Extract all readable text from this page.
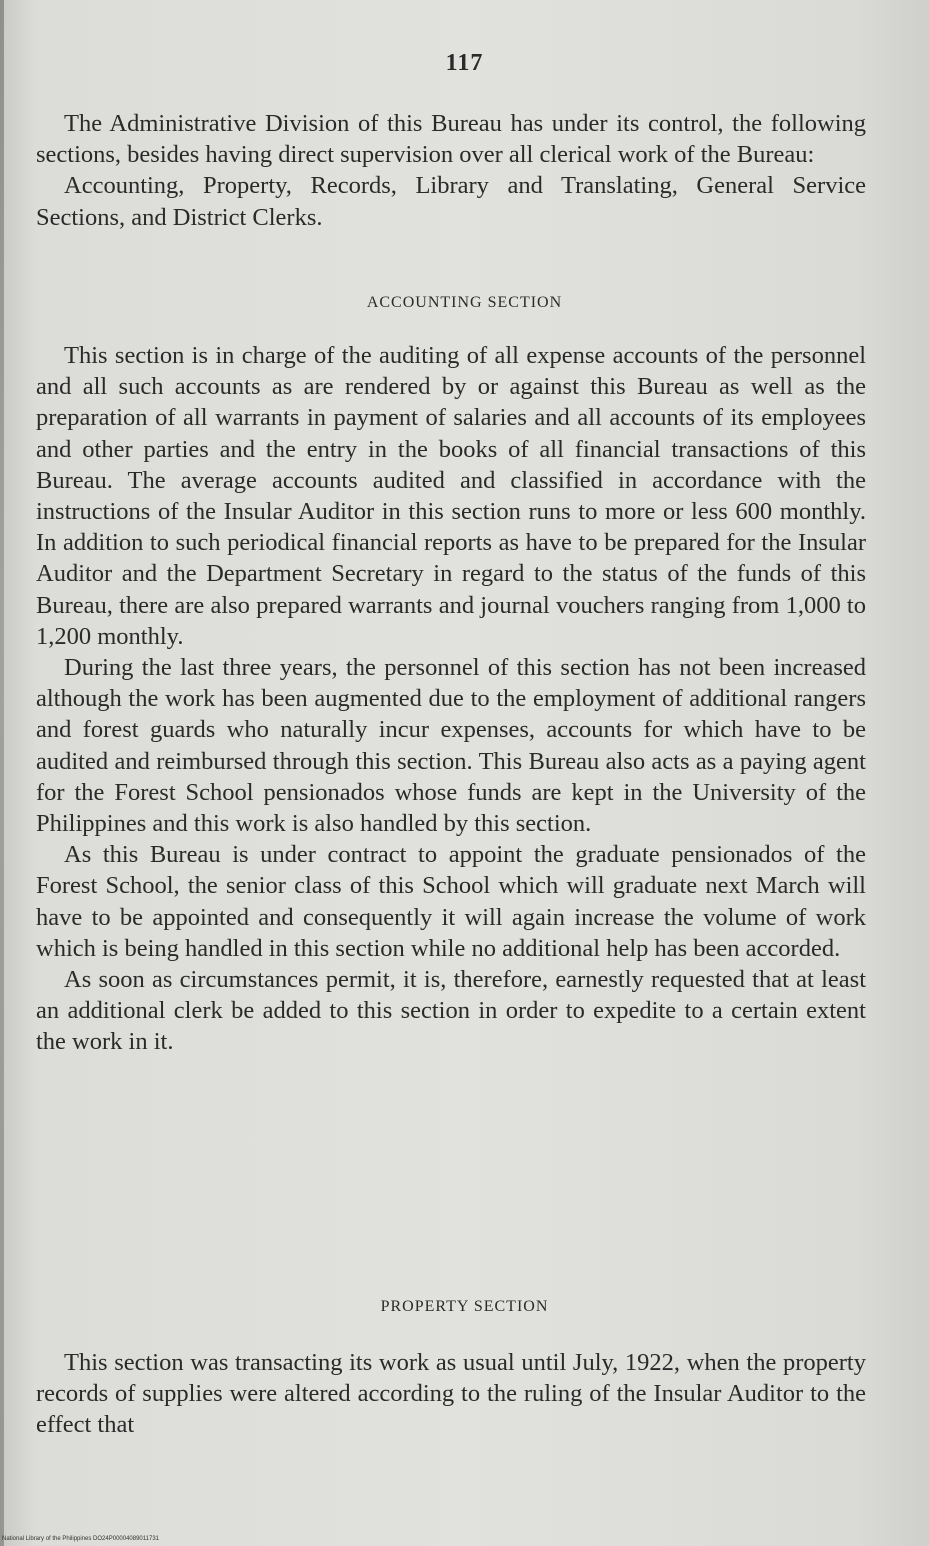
117

The Administrative Division of this Bureau has under its control, the following sections, besides having direct supervision over all clerical work of the Bureau:

Accounting, Property, Records, Library and Translating, General Service Sections, and District Clerks.

ACCOUNTING SECTION

This section is in charge of the auditing of all expense accounts of the personnel and all such accounts as are rendered by or against this Bureau as well as the preparation of all warrants in payment of salaries and all accounts of its employees and other parties and the entry in the books of all financial transactions of this Bureau. The average accounts audited and classified in accordance with the instructions of the Insular Auditor in this section runs to more or less 600 monthly. In addition to such periodical financial reports as have to be prepared for the Insular Auditor and the Department Secretary in regard to the status of the funds of this Bureau, there are also prepared warrants and journal vouchers ranging from 1,000 to 1,200 monthly.

During the last three years, the personnel of this section has not been increased although the work has been augmented due to the employment of additional rangers and forest guards who naturally incur expenses, accounts for which have to be audited and reimbursed through this section. This Bureau also acts as a paying agent for the Forest School pensionados whose funds are kept in the University of the Philippines and this work is also handled by this section.

As this Bureau is under contract to appoint the graduate pensionados of the Forest School, the senior class of this School which will graduate next March will have to be appointed and consequently it will again increase the volume of work which is being handled in this section while no additional help has been accorded.

As soon as circumstances permit, it is, therefore, earnestly requested that at least an additional clerk be added to this section in order to expedite to a certain extent the work in it.

PROPERTY SECTION

This section was transacting its work as usual until July, 1922, when the property records of supplies were altered according to the ruling of the Insular Auditor to the effect that

National Library of the Philippines DO24P00004089011731
